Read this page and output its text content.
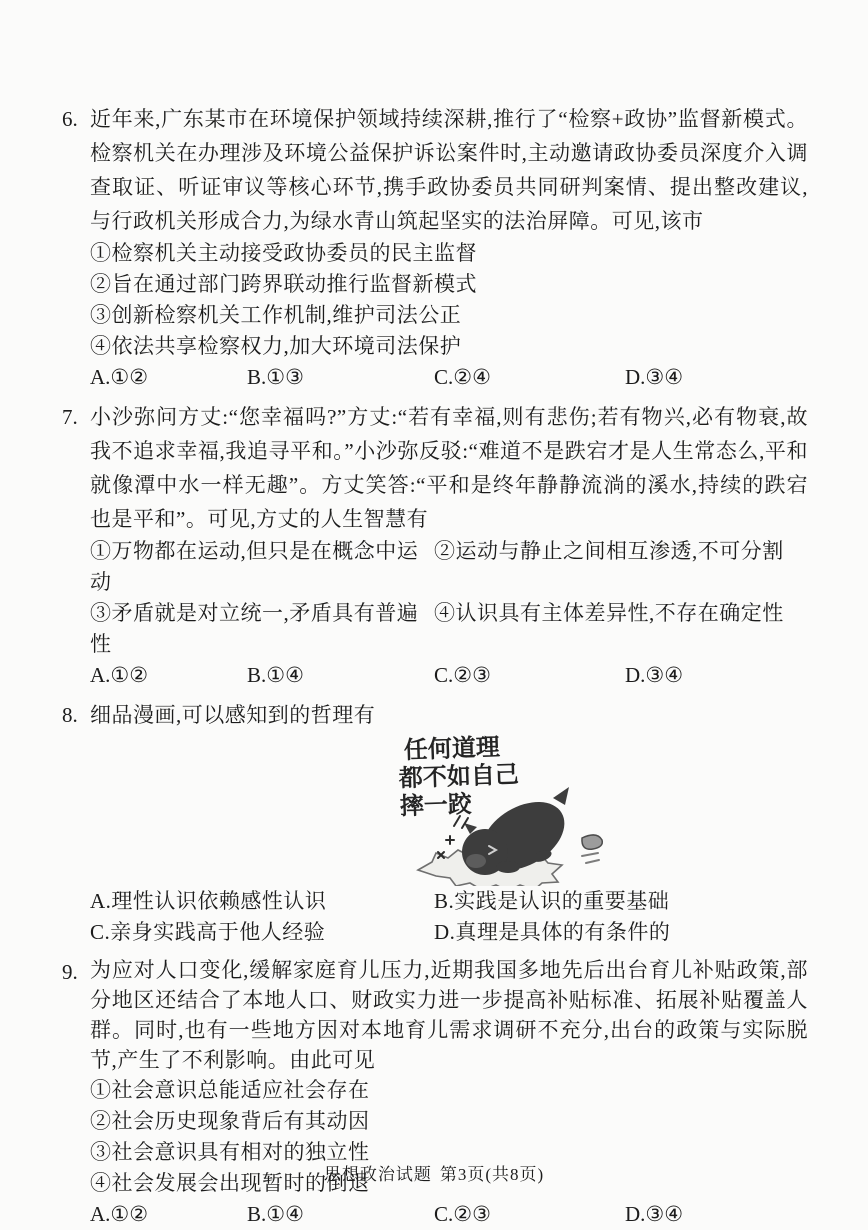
6. 近年来,广东某市在环境保护领域持续深耕,推行了“检察+政协”监督新模式。检察机关在办理涉及环境公益保护诉讼案件时,主动邀请政协委员深度介入调查取证、听证审议等核心环节,携手政协委员共同研判案情、提出整改建议,与行政机关形成合力,为绿水青山筑起坚实的法治屏障。可见,该市
①检察机关主动接受政协委员的民主监督
②旨在通过部门跨界联动推行监督新模式
③创新检察机关工作机制,维护司法公正
④依法共享检察权力,加大环境司法保护
A.①②	B.①③	C.②④	D.③④
7. 小沙弥问方丈:“您幸福吗?”方丈:“若有幸福,则有悲伤;若有物兴,必有物衰,故我不追求幸福,我追寻平和。”小沙弥反驳:“难道不是跌宕才是人生常态么,平和就像潭中水一样无趣”。方丈笑答:“平和是终年静静流淌的溪水,持续的跌宕也是平和”。可见,方丈的人生智慧有
①万物都在运动,但只是在概念中运动
②运动与静止之间相互渗透,不可分割
③矛盾就是对立统一,矛盾具有普遍性
④认识具有主体差异性,不存在确定性
A.①②	B.①④	C.②③	D.③④
8. 细品漫画,可以感知到的哲理有
任何道理
都不如自己
摔一跤
A.理性认识依赖感性认识	B.实践是认识的重要基础
C.亲身实践高于他人经验	D.真理是具体的有条件的
9. 为应对人口变化,缓解家庭育儿压力,近期我国多地先后出台育儿补贴政策,部分地区还结合了本地人口、财政实力进一步提高补贴标准、拓展补贴覆盖人群。同时,也有一些地方因对本地育儿需求调研不充分,出台的政策与实际脱节,产生了不利影响。由此可见
①社会意识总能适应社会存在
②社会历史现象背后有其动因
③社会意识具有相对的独立性
④社会发展会出现暂时的倒退
A.①②	B.①④	C.②③	D.③④
思想政治试题 第3页(共8页)
